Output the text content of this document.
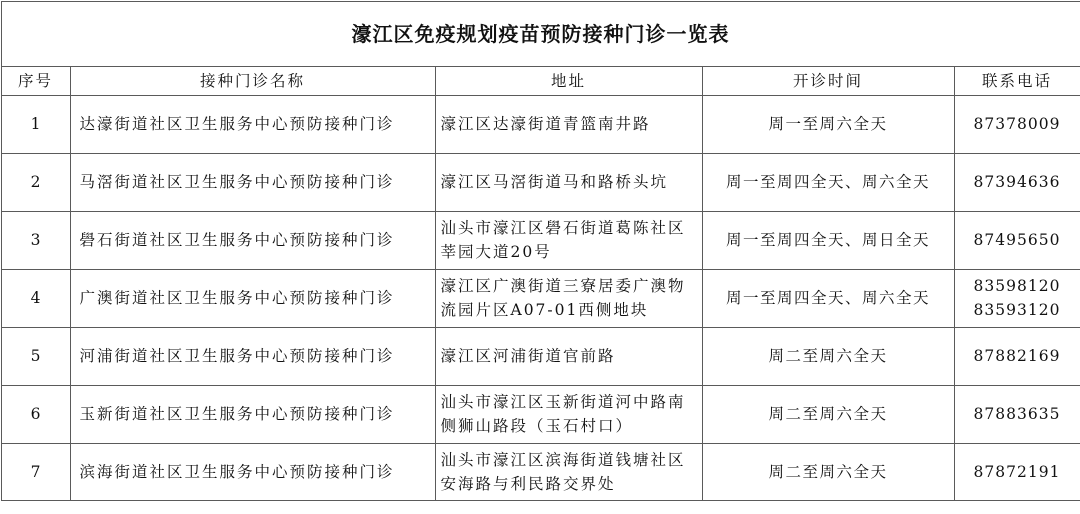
濠江区免疫规划疫苗预防接种门诊一览表				
序号	接种门诊名称	地址	开诊时间	联系电话
1	达濠街道社区卫生服务中心预防接种门诊	濠江区达濠街道青篮南井路	周一至周六全天	87378009

2	马滘街道社区卫生服务中心预防接种门诊	濠江区马滘街道马和路桥头坑	周一至周四全天、周六全天	87394636

3	礐石街道社区卫生服务中心预防接种门诊	汕头市濠江区礐石街道葛陈社区莘园大道20号	周一至周四全天、周日全天	87495650

4	广澳街道社区卫生服务中心预防接种门诊	濠江区广澳街道三寮居委广澳物流园片区A07-01西侧地块	周一至周四全天、周六全天	83598120
83593120

5	河浦街道社区卫生服务中心预防接种门诊	濠江区河浦街道官前路	周二至周六全天	87882169

6	玉新街道社区卫生服务中心预防接种门诊	汕头市濠江区玉新街道河中路南侧狮山路段（玉石村口）	周二至周六全天	87883635

7	滨海街道社区卫生服务中心预防接种门诊	汕头市濠江区滨海街道钱塘社区安海路与利民路交界处	周二至周六全天	87872191
